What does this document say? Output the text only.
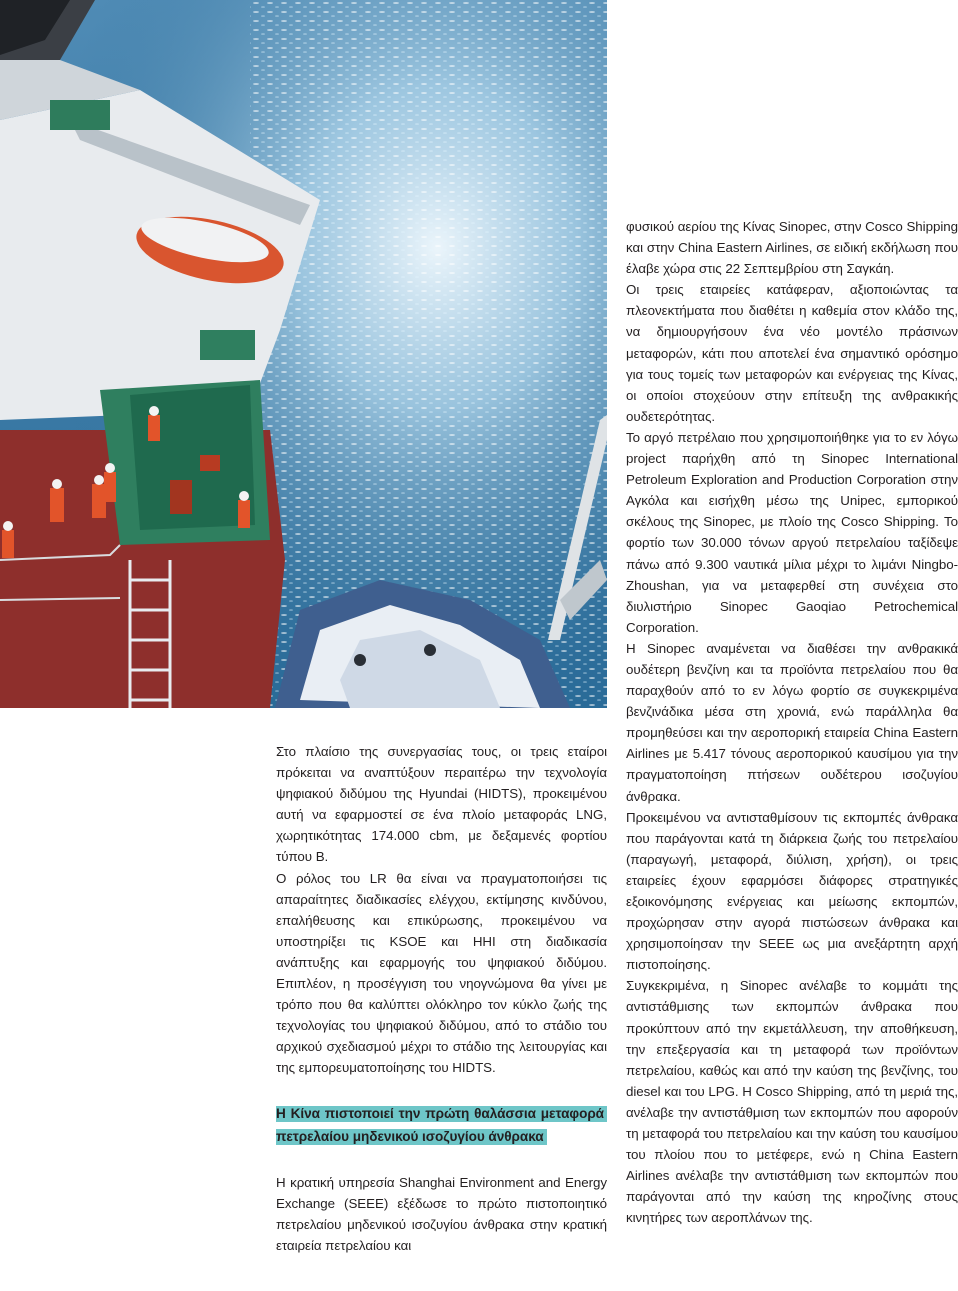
Στο πλαίσιο της συνεργασίας τους, οι τρεις εταίροι πρόκειται να αναπτύξουν περαιτέρω την τεχνολογία ψηφιακού διδύμου της Hyundai (HIDTS), προκειμένου αυτή να εφαρμοστεί σε ένα πλοίο μεταφοράς LNG, χωρητικότητας 174.000 cbm, με δεξαμενές φορτίου τύπου Β.

Ο ρόλος του LR θα είναι να πραγματοποιήσει τις απαραίτητες διαδικασίες ελέγχου, εκτίμησης κινδύνου, επαλήθευσης και επικύρωσης, προκειμένου να υποστηρίξει τις KSOE και HHI στη διαδικασία ανάπτυξης και εφαρμογής του ψηφιακού διδύμου. Επιπλέον, η προσέγγιση του νηογνώμονα θα γίνει με τρόπο που θα καλύπτει ολόκληρο τον κύκλο ζωής της τεχνολογίας του ψηφιακού διδύμου, από το στάδιο του αρχικού σχεδιασμού μέχρι το στάδιο της λειτουργίας και της εμπορευματοποίησης του HIDTS.

Η Κίνα πιστοποιεί την πρώτη θαλάσσια μεταφορά πετρελαίου μηδενικού ισοζυγίου άνθρακα

Η κρατική υπηρεσία Shanghai Environment and Energy Exchange (SEEE) εξέδωσε το πρώτο πιστοποιητικό πετρελαίου μηδενικού ισοζυγίου άνθρακα στην κρατική εταιρεία πετρελαίου και

φυσικού αερίου της Κίνας Sinopec, στην Cosco Shipping και στην China Eastern Airlines, σε ειδική εκδήλωση που έλαβε χώρα στις 22 Σεπτεμβρίου στη Σαγκάη.

Οι τρεις εταιρείες κατάφεραν, αξιοποιώντας τα πλεονεκτήματα που διαθέτει η καθεμία στον κλάδο της, να δημιουργήσουν ένα νέο μοντέλο πράσινων μεταφορών, κάτι που αποτελεί ένα σημαντικό ορόσημο για τους τομείς των μεταφορών και ενέργειας της Κίνας, οι οποίοι στοχεύουν στην επίτευξη της ανθρακικής ουδετερότητας.

Το αργό πετρέλαιο που χρησιμοποιήθηκε για το εν λόγω project παρήχθη από τη Sinopec International Petroleum Exploration and Production Corporation στην Αγκόλα και εισήχθη μέσω της Unipec, εμπορικού σκέλους της Sinopec, με πλοίο της Cosco Shipping. Το φορτίο των 30.000 τόνων αργού πετρελαίου ταξίδεψε πάνω από 9.300 ναυτικά μίλια μέχρι το λιμάνι Ningbo-Zhoushan, για να μεταφερθεί στη συνέχεια στο διυλιστήριο Sinopec Gaoqiao Petrochemical Corporation.

Η Sinopec αναμένεται να διαθέσει την ανθρακικά ουδέτερη βενζίνη και τα προϊόντα πετρελαίου που θα παραχθούν από το εν λόγω φορτίο σε συγκεκριμένα βενζινάδικα μέσα στη χρονιά, ενώ παράλληλα θα προμηθεύσει και την αεροπορική εταιρεία China Eastern Airlines με 5.417 τόνους αεροπορικού καυσίμου για την πραγματοποίηση πτήσεων ουδέτερου ισοζυγίου άνθρακα.

Προκειμένου να αντισταθμίσουν τις εκπομπές άνθρακα που παράγονται κατά τη διάρκεια ζωής του πετρελαίου (παραγωγή, μεταφορά, διύλιση, χρήση), οι τρεις εταιρείες έχουν εφαρμόσει διάφορες στρατηγικές εξοικονόμησης ενέργειας και μείωσης εκπομπών, προχώρησαν στην αγορά πιστώσεων άνθρακα και χρησιμοποίησαν την SEEE ως μια ανεξάρτητη αρχή πιστοποίησης.

Συγκεκριμένα, η Sinopec ανέλαβε το κομμάτι της αντιστάθμισης των εκπομπών άνθρακα που προκύπτουν από την εκμετάλλευση, την αποθήκευση, την επεξεργασία και τη μεταφορά των προϊόντων πετρελαίου, καθώς και από την καύση της βενζίνης, του diesel και του LPG. Η Cosco Shipping, από τη μεριά της, ανέλαβε την αντιστάθμιση των εκπομπών που αφορούν τη μεταφορά του πετρελαίου και την καύση του καυσίμου του πλοίου που το μετέφερε, ενώ η China Eastern Airlines ανέλαβε την αντιστάθμιση των εκπομπών που παράγονται από την καύση της κηροζίνης στους κινητήρες των αεροπλάνων της.
